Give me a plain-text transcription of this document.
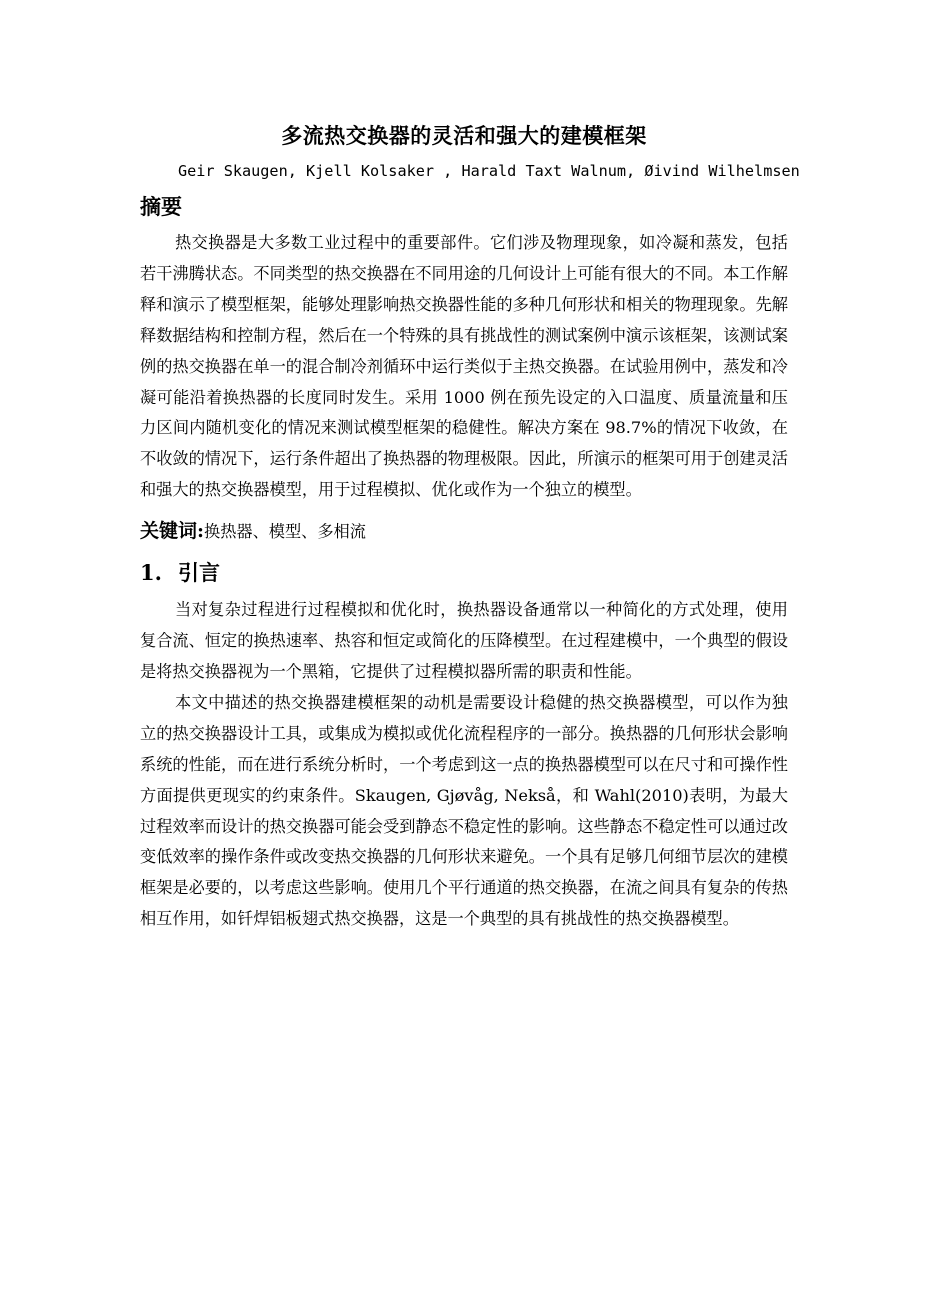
多流热交换器的灵活和强大的建模框架
Geir Skaugen, Kjell Kolsaker , Harald Taxt Walnum, Øivind Wilhelmsen
摘要

热交换器是大多数工业过程中的重要部件。它们涉及物理现象，如冷凝和蒸发，包括若干沸腾状态。不同类型的热交换器在不同用途的几何设计上可能有很大的不同。本工作解释和演示了模型框架，能够处理影响热交换器性能的多种几何形状和相关的物理现象。先解释数据结构和控制方程，然后在一个特殊的具有挑战性的测试案例中演示该框架，该测试案例的热交换器在单一的混合制冷剂循环中运行类似于主热交换器。在试验用例中，蒸发和冷凝可能沿着换热器的长度同时发生。采用 1000 例在预先设定的入口温度、质量流量和压力区间内随机变化的情况来测试模型框架的稳健性。解决方案在 98.7%的情况下收敛，在不收敛的情况下，运行条件超出了换热器的物理极限。因此，所演示的框架可用于创建灵活和强大的热交换器模型，用于过程模拟、优化或作为一个独立的模型。

关键词:换热器、模型、多相流
1. 引言

当对复杂过程进行过程模拟和优化时，换热器设备通常以一种简化的方式处理，使用复合流、恒定的换热速率、热容和恒定或简化的压降模型。在过程建模中，一个典型的假设是将热交换器视为一个黑箱，它提供了过程模拟器所需的职责和性能。

本文中描述的热交换器建模框架的动机是需要设计稳健的热交换器模型，可以作为独立的热交换器设计工具，或集成为模拟或优化流程程序的一部分。换热器的几何形状会影响系统的性能，而在进行系统分析时，一个考虑到这一点的换热器模型可以在尺寸和可操作性方面提供更现实的约束条件。Skaugen, Gjøvåg, Nekså，和 Wahl(2010)表明，为最大过程效率而设计的热交换器可能会受到静态不稳定性的影响。这些静态不稳定性可以通过改变低效率的操作条件或改变热交换器的几何形状来避免。一个具有足够几何细节层次的建模框架是必要的，以考虑这些影响。使用几个平行通道的热交换器，在流之间具有复杂的传热相互作用，如钎焊铝板翅式热交换器，这是一个典型的具有挑战性的热交换器模型。
